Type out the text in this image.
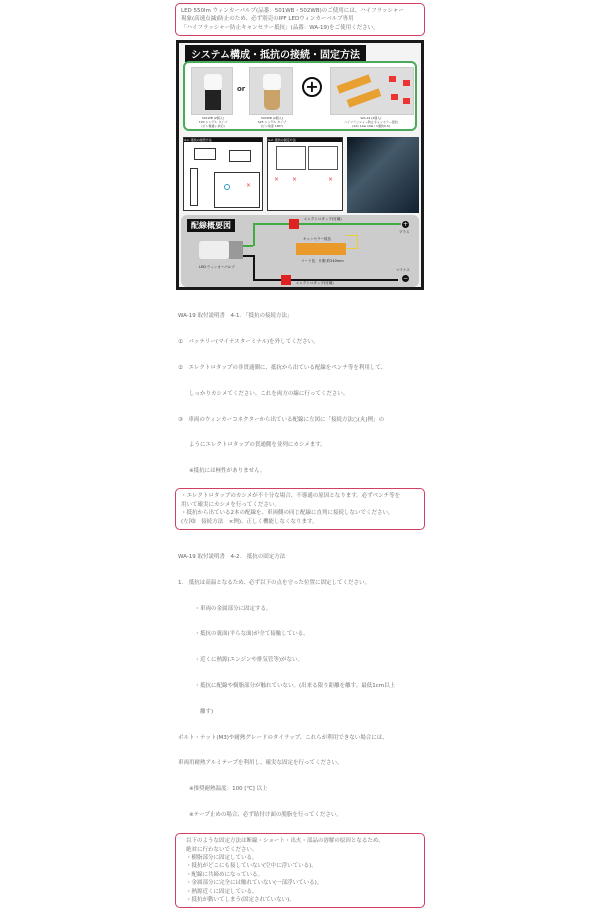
LED 550lm ウィンカーバルブ(品番：501WB・502WB)のご使用には、ハイフラッシャー
現象(高速点滅)防止のため、必ず別売のIPF LEDウィンカーバルブ専用
「ハイフラッシャー防止キャンセラー抵抗」(品番：WA-19)をご使用ください。
システム構成・抵抗の接続・固定方法
or	+
501WB (2個入)
T20 シングル タイプ
(ピン極違い対応)
502WB (2個入)
S25 シングル タイプ
(ピン角度 180°)
WA-19 (2個入)
ハイフラッシャー防止キャンセラー抵抗
(12v 14w 10Ω / 1個約0.5)
4-1. 抵抗の接続方法
×
4-2. 抵抗の固定方法
× ×	×
配線概要図
LED ウィンカーバルブ
エレクトロタップ(付属)
エレクトロタップ(付属)
キャンセラー抵抗
コード長：片側 約240mm
+
プラス
マイナス
−

WA-19 取付説明書　4-1. 「抵抗の接続方法」

①　バッテリー(マイナスターミナル)を外してください。

②　エレクトロタップの非貫通側に、抵抗から出ている配線をペンチ等を利用して、

　　しっかりカシメてください。これを両方の線に行ってください。

③　車両のウィンカーコネクターから出ている配線に左図に「接続方法○(丸)例」の

　　ようにエレクトロタップの貫通側を並列にカシメます。

　　※抵抗には極性がありません。

・エレクトロタップのカシメが不十分な場合、不導通の原因となります。必ずペンチ等を
用いて確実にカシメを行ってください。
・抵抗から出ている2本の配線を、車両側の同じ配線に直列に接続しないでください。
(左図I　接続方法　×例)、正しく機能しなくなります。

WA-19 取付説明書　4-2.　抵抗の固定方法

1.　抵抗は高温となるため、必ず以下の点を守った位置に固定してください。

　　　・車両の金属部分に固定する。

　　　・抵抗の裏面(平らな面)が全て接触している。

　　　・近くに熱源(エンジンや排気管等)がない。

　　　・抵抗に配線や樹脂部分が触れていない。(出来る限り距離を離す。最低1cm以上

　　　　離す)

ボルト・ナット(M3)や耐熱グレードのタイラップ、これらが利用できない場合には、

車両用耐熱アルミテープを利用し、確実な固定を行ってください。

　　※推奨耐熱温度：100 [℃] 以上

　　※テープ止めの場合、必ず貼付け面の脱脂を行ってください。

以下のような固定方法は断線・ショート・出火・部品の溶解の原因となるため、
絶対に行わないでください。
・樹脂部分に固定している。
・抵抗がどこにも接していない(空中に浮いている)。
・配線に共締めになっている。
・金属部分に完全には触れていない(一部浮いている)。
・熱源近くに固定している。
・抵抗が動いてしまう(固定されていない)。
